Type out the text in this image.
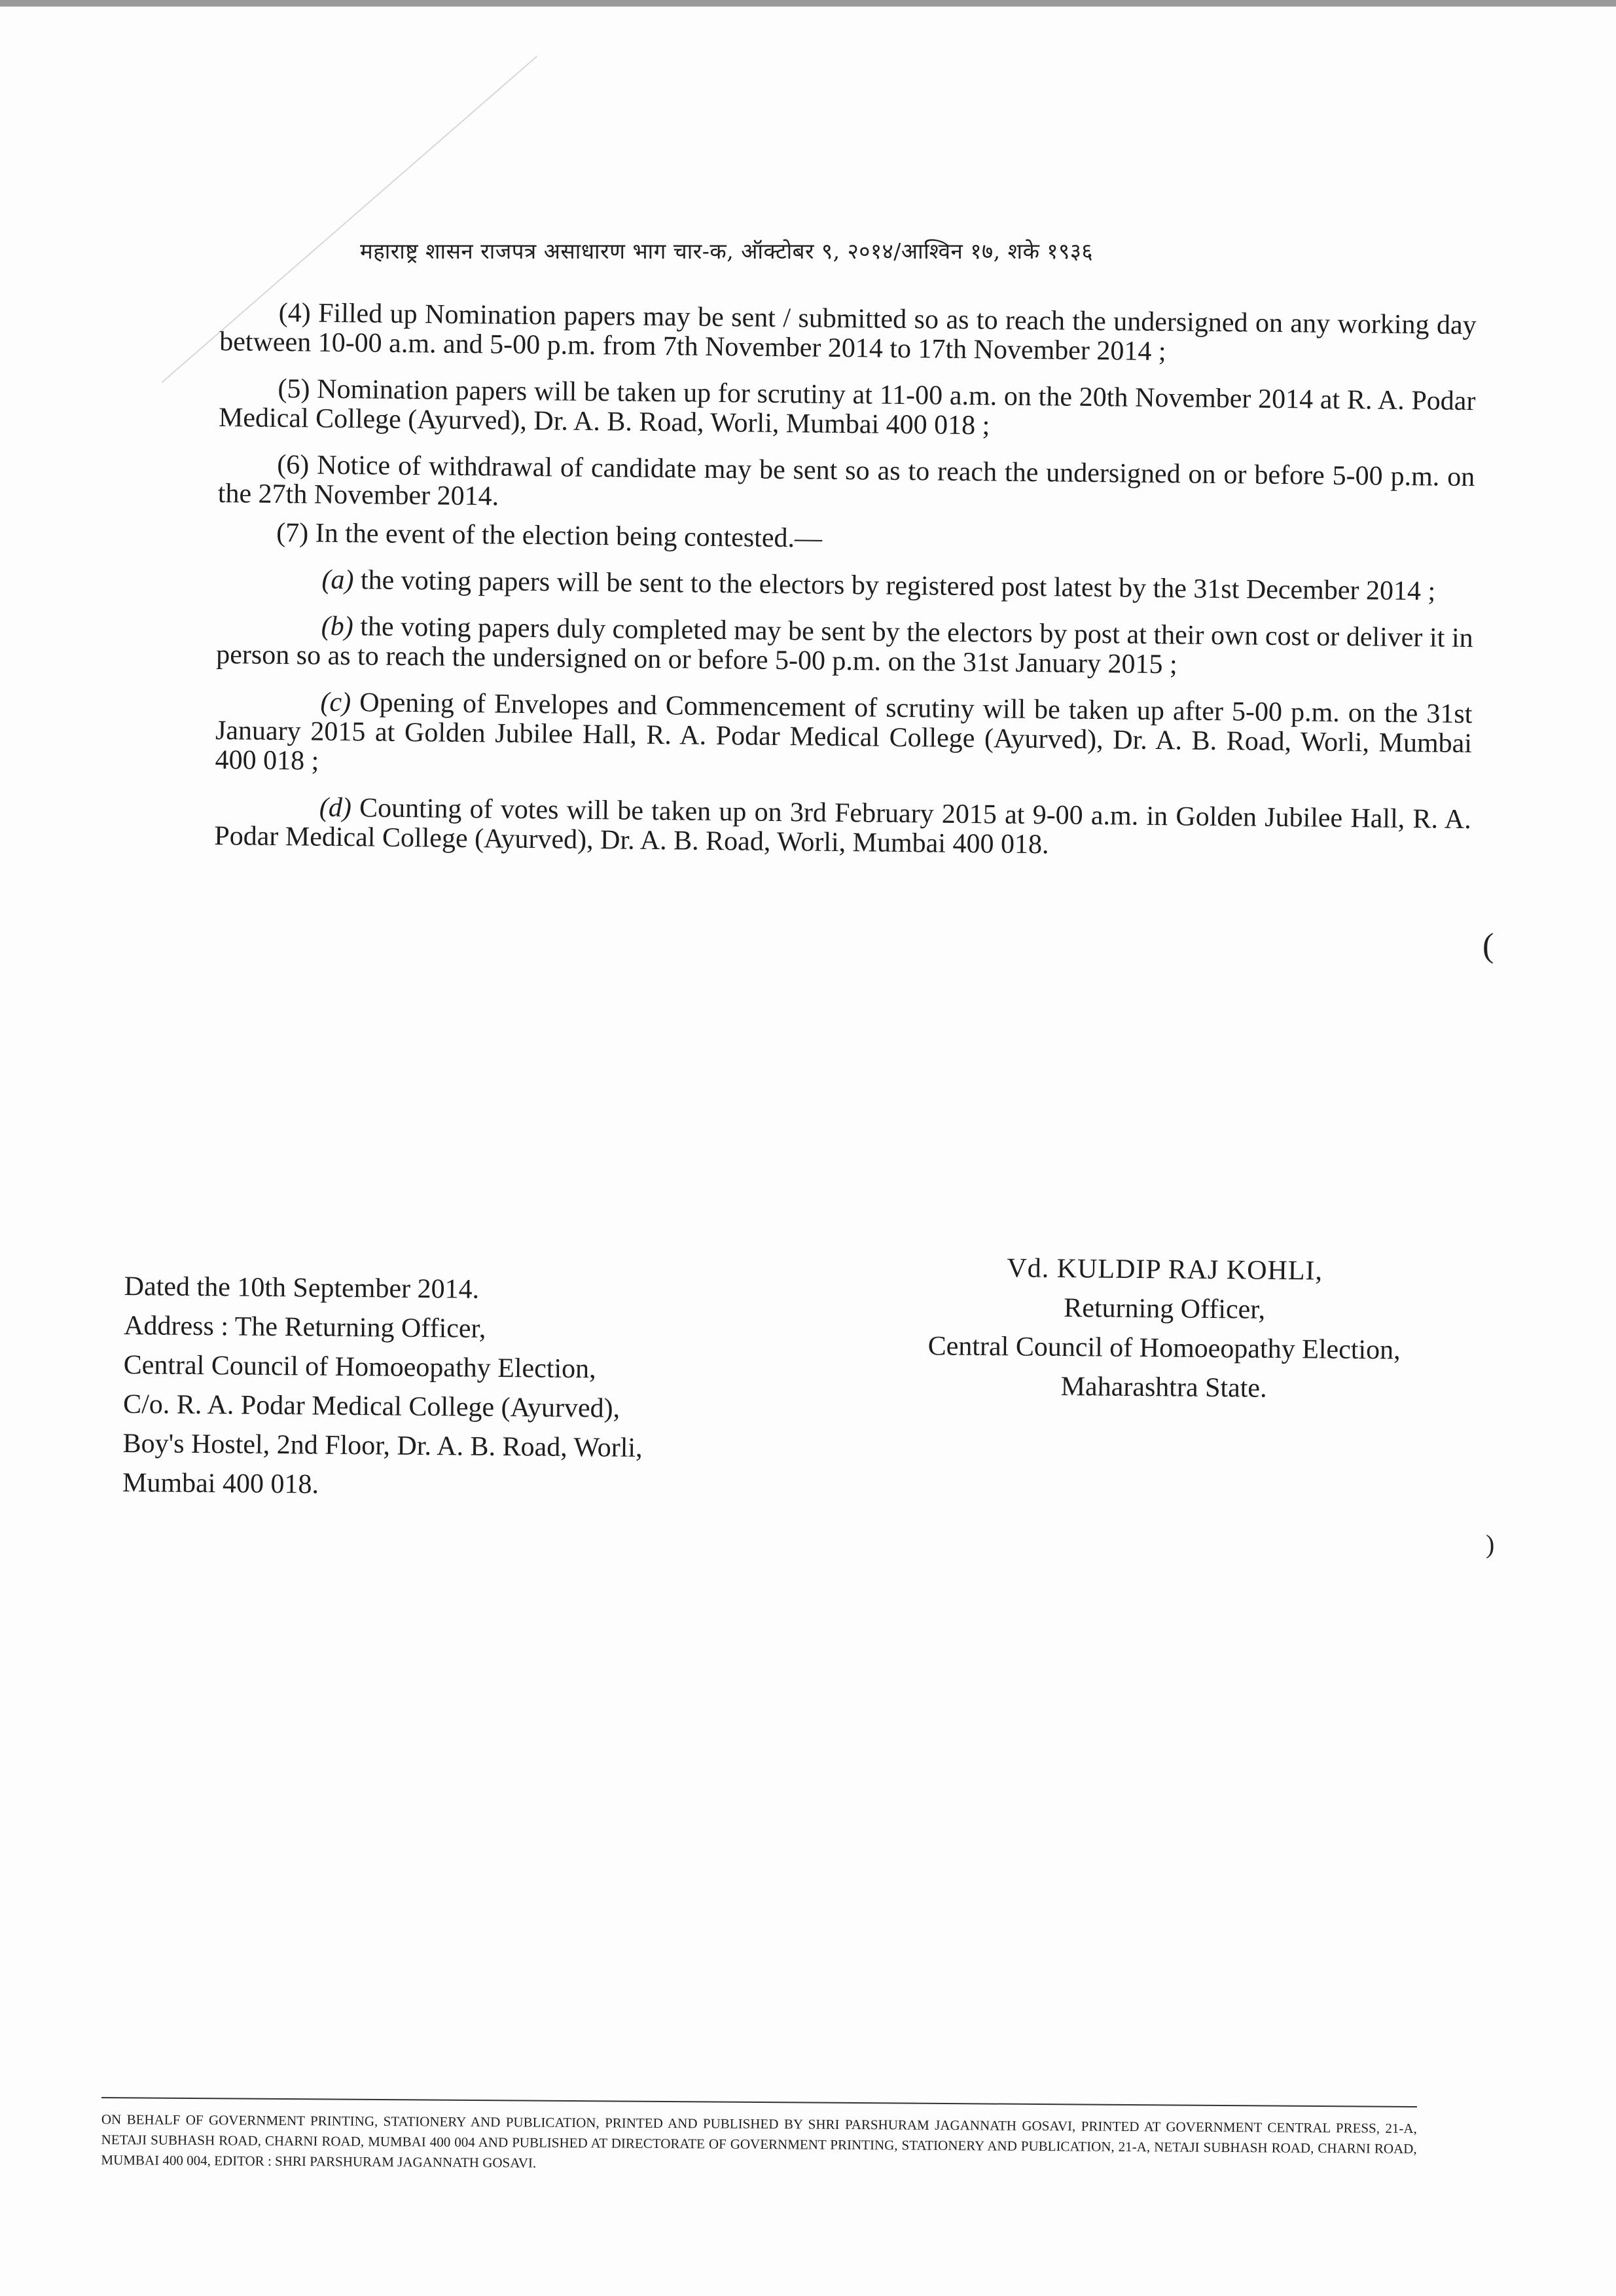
महाराष्ट्र शासन राजपत्र असाधारण भाग चार-क, ऑक्टोबर ९, २०१४/आश्विन १७, शके १९३६

(4) Filled up Nomination papers may be sent / submitted so as to reach the undersigned on any working day between 10-00 a.m. and 5-00 p.m. from 7th November 2014 to 17th November 2014 ;

(5) Nomination papers will be taken up for scrutiny at 11-00 a.m. on the 20th November 2014 at R. A. Podar Medical College (Ayurved), Dr. A. B. Road, Worli, Mumbai 400 018 ;

(6) Notice of withdrawal of candidate may be sent so as to reach the undersigned on or before 5-00 p.m. on the 27th November 2014.

(7) In the event of the election being contested.—

(a) the voting papers will be sent to the electors by registered post latest by the 31st December 2014 ;

(b) the voting papers duly completed may be sent by the electors by post at their own cost or deliver it in person so as to reach the undersigned on or before 5-00 p.m. on the 31st January 2015 ;

(c) Opening of Envelopes and Commencement of scrutiny will be taken up after 5-00 p.m. on the 31st January 2015 at Golden Jubilee Hall, R. A. Podar Medical College (Ayurved), Dr. A. B. Road, Worli, Mumbai 400 018 ;

(d) Counting of votes will be taken up on 3rd February 2015 at 9-00 a.m. in Golden Jubilee Hall, R. A. Podar Medical College (Ayurved), Dr. A. B. Road, Worli, Mumbai 400 018.

Dated the 10th September 2014.
Address : The Returning Officer,
Central Council of Homoeopathy Election,
C/o. R. A. Podar Medical College (Ayurved),
Boy's Hostel, 2nd Floor, Dr. A. B. Road, Worli,
Mumbai 400 018.
Vd. KULDIP RAJ KOHLI,
Returning Officer,
Central Council of Homoeopathy Election,
Maharashtra State.
ON BEHALF OF GOVERNMENT PRINTING, STATIONERY AND PUBLICATION, PRINTED AND PUBLISHED BY SHRI PARSHURAM JAGANNATH GOSAVI, PRINTED AT GOVERNMENT CENTRAL PRESS, 21-A, NETAJI SUBHASH ROAD, CHARNI ROAD, MUMBAI 400 004 AND PUBLISHED AT DIRECTORATE OF GOVERNMENT PRINTING, STATIONERY AND PUBLICATION, 21-A, NETAJI SUBHASH ROAD, CHARNI ROAD, MUMBAI 400 004, EDITOR : SHRI PARSHURAM JAGANNATH GOSAVI.
(
)
